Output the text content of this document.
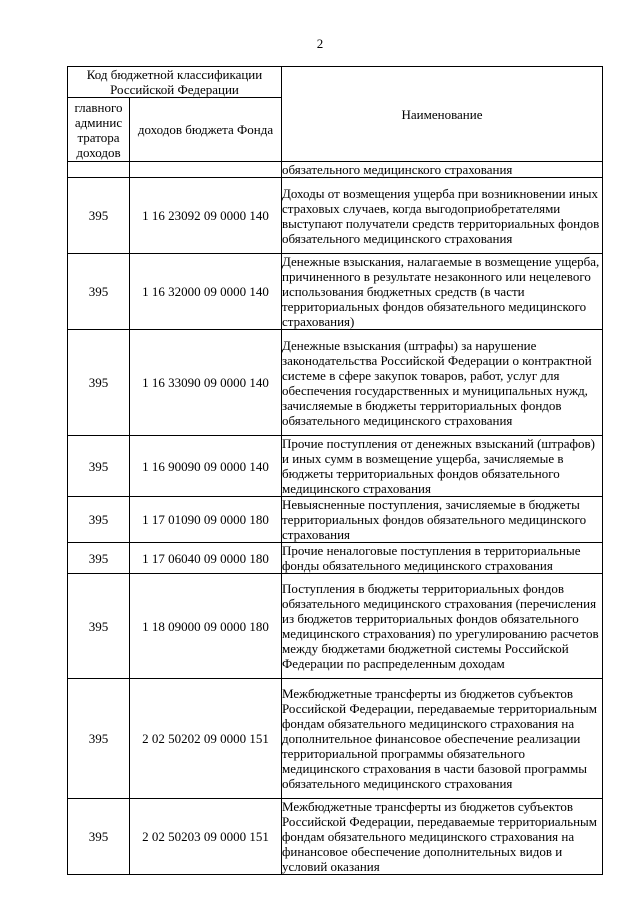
2
Код бюджетной классификации Российской Федерации		Наименование
главного админис тратора доходов	доходов бюджета Фонда	

		обязательного медицинского страхования

395	1 16 23092 09 0000 140	Доходы от возмещения ущерба при возникновении иных страховых случаев, когда выгодоприобретателями выступают получатели средств территориальных фондов обязательного медицинского страхования

395	1 16 32000 09 0000 140	Денежные взыскания, налагаемые в возмещение ущерба, причиненного в результате незаконного или нецелевого использования бюджетных средств (в части территориальных фондов обязательного медицинского страхования)

395	1 16 33090 09 0000 140	Денежные взыскания (штрафы) за нарушение законодательства Российской Федерации о контрактной системе в сфере закупок товаров, работ, услуг для обеспечения государственных и муниципальных нужд, зачисляемые в бюджеты территориальных фондов обязательного медицинского страхования

395	1 16 90090 09 0000 140	Прочие поступления от денежных взысканий (штрафов) и иных сумм в возмещение ущерба, зачисляемые в бюджеты территориальных фондов обязательного медицинского страхования

395	1 17 01090 09 0000 180	Невыясненные поступления, зачисляемые в бюджеты территориальных фондов обязательного медицинского страхования

395	1 17 06040 09 0000 180	Прочие неналоговые поступления в территориальные фонды обязательного медицинского страхования

395	1 18 09000 09 0000 180	Поступления в бюджеты территориальных фондов обязательного медицинского страхования (перечисления из бюджетов территориальных фондов обязательного медицинского страхования) по урегулированию расчетов между бюджетами бюджетной системы Российской Федерации по распределенным доходам

395	2 02 50202 09 0000 151	Межбюджетные трансферты из бюджетов субъектов Российской Федерации, передаваемые территориальным фондам обязательного медицинского страхования на дополнительное финансовое обеспечение реализации территориальной программы обязательного медицинского страхования в части базовой программы обязательного медицинского страхования

395	2 02 50203 09 0000 151	Межбюджетные трансферты из бюджетов субъектов Российской Федерации, передаваемые территориальным фондам обязательного медицинского страхования на финансовое обеспечение дополнительных видов и условий оказания
